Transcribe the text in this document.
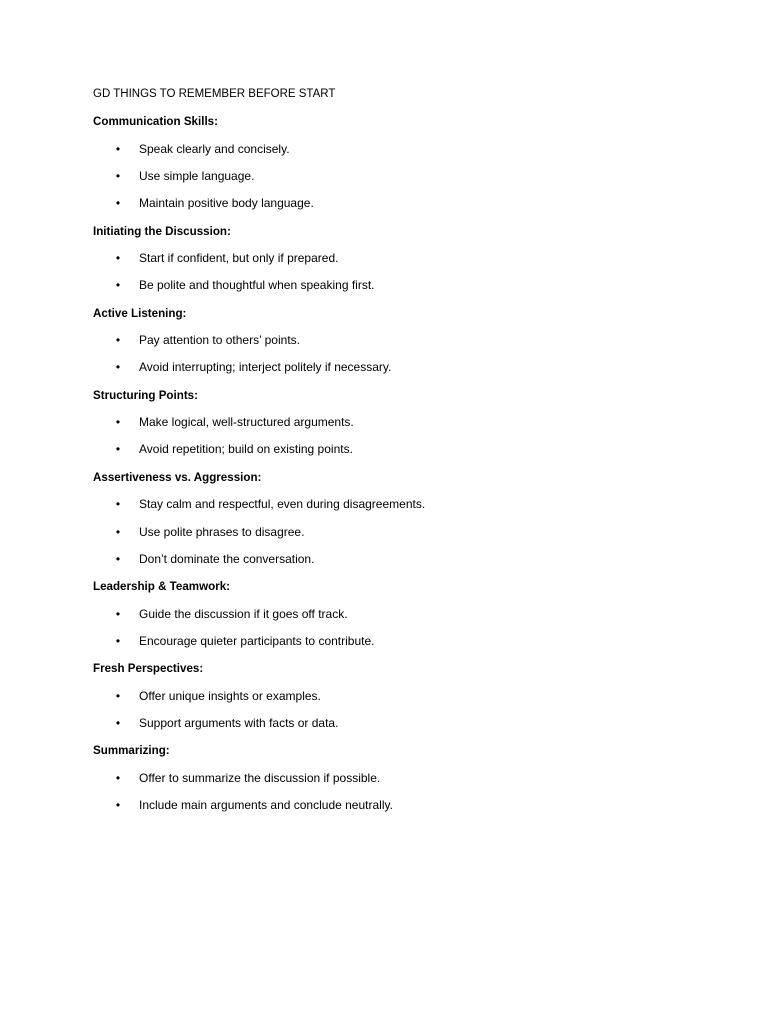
GD THINGS TO REMEMBER BEFORE START
Communication Skills:
•
Speak clearly and concisely.
•
Use simple language.
•
Maintain positive body language.
Initiating the Discussion:
•
Start if confident, but only if prepared.
•
Be polite and thoughtful when speaking first.
Active Listening:
•
Pay attention to others’ points.
•
Avoid interrupting; interject politely if necessary.
Structuring Points:
•
Make logical, well-structured arguments.
•
Avoid repetition; build on existing points.
Assertiveness vs. Aggression:
•
Stay calm and respectful, even during disagreements.
•
Use polite phrases to disagree.
•
Don’t dominate the conversation.
Leadership & Teamwork:
•
Guide the discussion if it goes off track.
•
Encourage quieter participants to contribute.
Fresh Perspectives:
•
Offer unique insights or examples.
•
Support arguments with facts or data.
Summarizing:
•
Offer to summarize the discussion if possible.
•
Include main arguments and conclude neutrally.
